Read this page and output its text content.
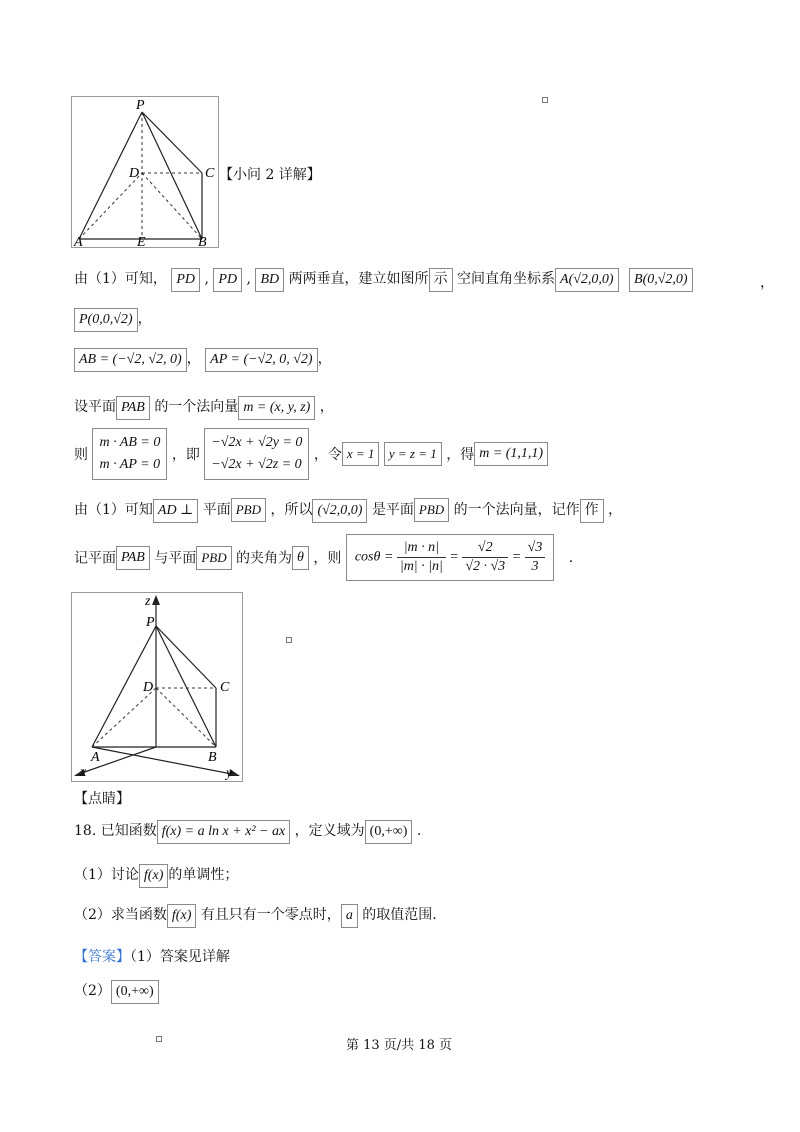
P
D	C
A	E	B
【小问 2 详解】
由（1）可知， PD , PD , BD 两两垂直，建立如图所 示 空间直角坐标系 A(√2,0,0) B(0,√2,0)	，
P(0,0,√2) ，
AB = (−√2, √2, 0) ， AP = (−√2, 0, √2) ，
设平面 PAB 的一个法向量 m = (x, y, z) ，
则 m · AB = 0
m · AP = 0 ，即 −√2x + √2y = 0
−√2x + √2z = 0 ，令 x = 1 y = z = 1 ，得 m = (1,1,1)
由（1）可知 AD ⊥ 平面 PBD ，所以 (√2,0,0) 是平面 PBD 的一个法向量，记作 作 ，
记平面 PAB 与平面 PBD 的夹角为 θ ，则 $\cos\theta = \frac{|m \cdot n|}{|m| \cdot |n|} = \frac{√2}{√2 \cdot √3} = \frac{√3}{3}$ .
z
P
D	C
A	B
x	y
【点睛】
18. 已知函数 f(x) = a ln x + x² − ax ，定义域为 (0,+∞) .
（1）讨论 f(x) 的单调性；
（2）求当函数 f(x) 有且只有一个零点时， a 的取值范围.
【答案】（1）答案见详解
（2） (0,+∞)
第 13 页/共 18 页
